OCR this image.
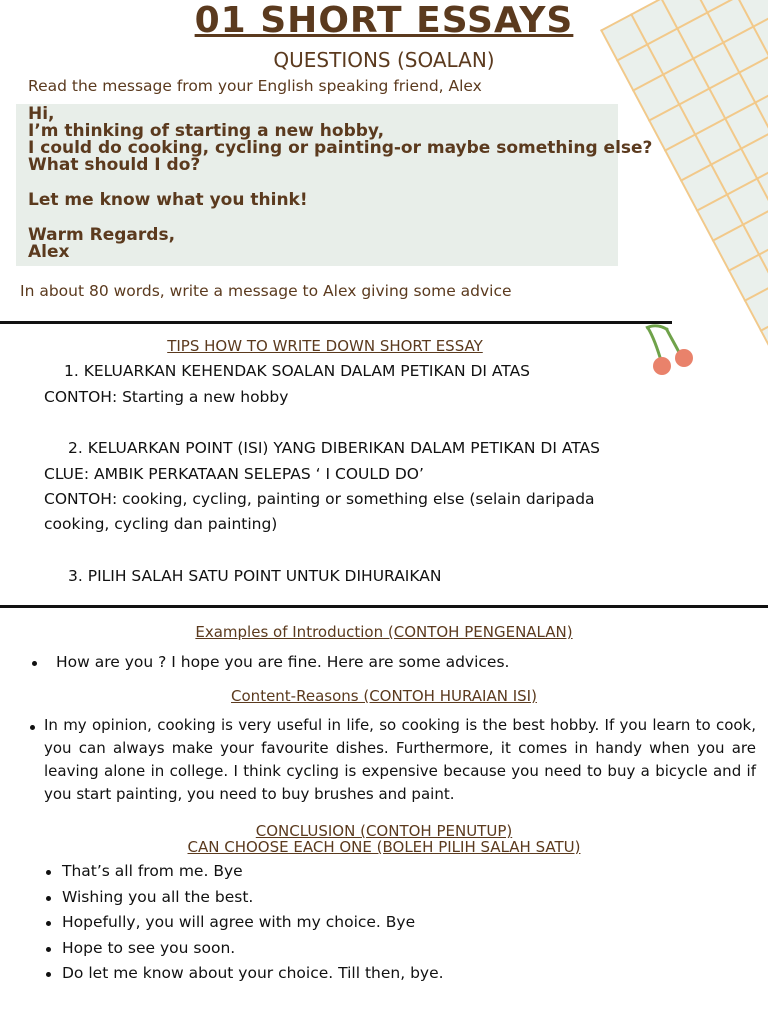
01 SHORT ESSAYS
QUESTIONS (SOALAN)
Read the message from your English speaking friend, Alex
Hi,
I’m thinking of starting a new hobby,
I could do cooking, cycling or painting-or maybe something else?
What should I do?
Let me know what you think!
Warm Regards,
Alex
In about 80 words, write a message to Alex giving some advice
TIPS HOW TO WRITE DOWN SHORT ESSAY
1. KELUARKAN KEHENDAK SOALAN DALAM PETIKAN DI ATAS
CONTOH: Starting a new hobby
2. KELUARKAN POINT (ISI) YANG DIBERIKAN DALAM PETIKAN DI ATAS
CLUE: AMBIK PERKATAAN SELEPAS ‘ I COULD DO’
CONTOH: cooking, cycling, painting or something else (selain daripada
cooking, cycling dan painting)
3. PILIH SALAH SATU POINT UNTUK DIHURAIKAN
Examples of Introduction (CONTOH PENGENALAN)
How are you ? I hope you are fine. Here are some advices.
Content-Reasons (CONTOH HURAIAN ISI)
In my opinion, cooking is very useful in life, so cooking is the best hobby. If you learn to cook, you can always make your favourite dishes. Furthermore, it comes in handy when you are leaving alone in college. I think cycling is expensive because you need to buy a bicycle and if you start painting, you need to buy brushes and paint.
CONCLUSION (CONTOH PENUTUP)
CAN CHOOSE EACH ONE (BOLEH PILIH SALAH SATU)
That’s all from me. Bye
Wishing you all the best.
Hopefully, you will agree with my choice. Bye
Hope to see you soon.
Do let me know about your choice. Till then, bye.
